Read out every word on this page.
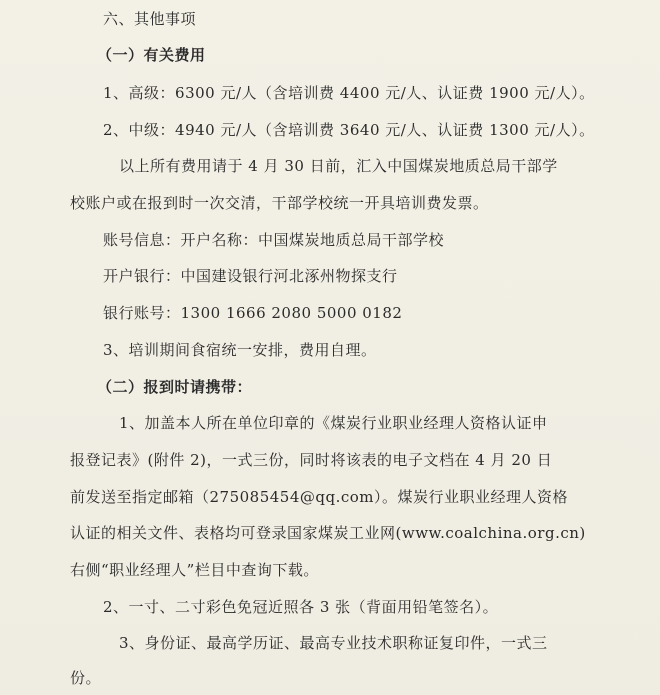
六、其他事项
（一）有关费用
1、高级：6300 元/人（含培训费 4400 元/人、认证费 1900 元/人）。
2、中级：4940 元/人（含培训费 3640 元/人、认证费 1300 元/人）。
以上所有费用请于 4 月 30 日前，汇入中国煤炭地质总局干部学
校账户或在报到时一次交清，干部学校统一开具培训费发票。
账号信息：开户名称：中国煤炭地质总局干部学校
开户银行：中国建设银行河北涿州物探支行
银行账号：1300 1666 2080 5000 0182
3、培训期间食宿统一安排，费用自理。
（二）报到时请携带：
1、加盖本人所在单位印章的《煤炭行业职业经理人资格认证申
报登记表》(附件 2)，一式三份，同时将该表的电子文档在 4 月 20 日
前发送至指定邮箱（275085454@qq.com）。煤炭行业职业经理人资格
认证的相关文件、表格均可登录国家煤炭工业网(www.coalchina.org.cn)
右侧“职业经理人”栏目中查询下载。
2、一寸、二寸彩色免冠近照各 3 张（背面用铅笔签名）。
3、身份证、最高学历证、最高专业技术职称证复印件，一式三
份。
